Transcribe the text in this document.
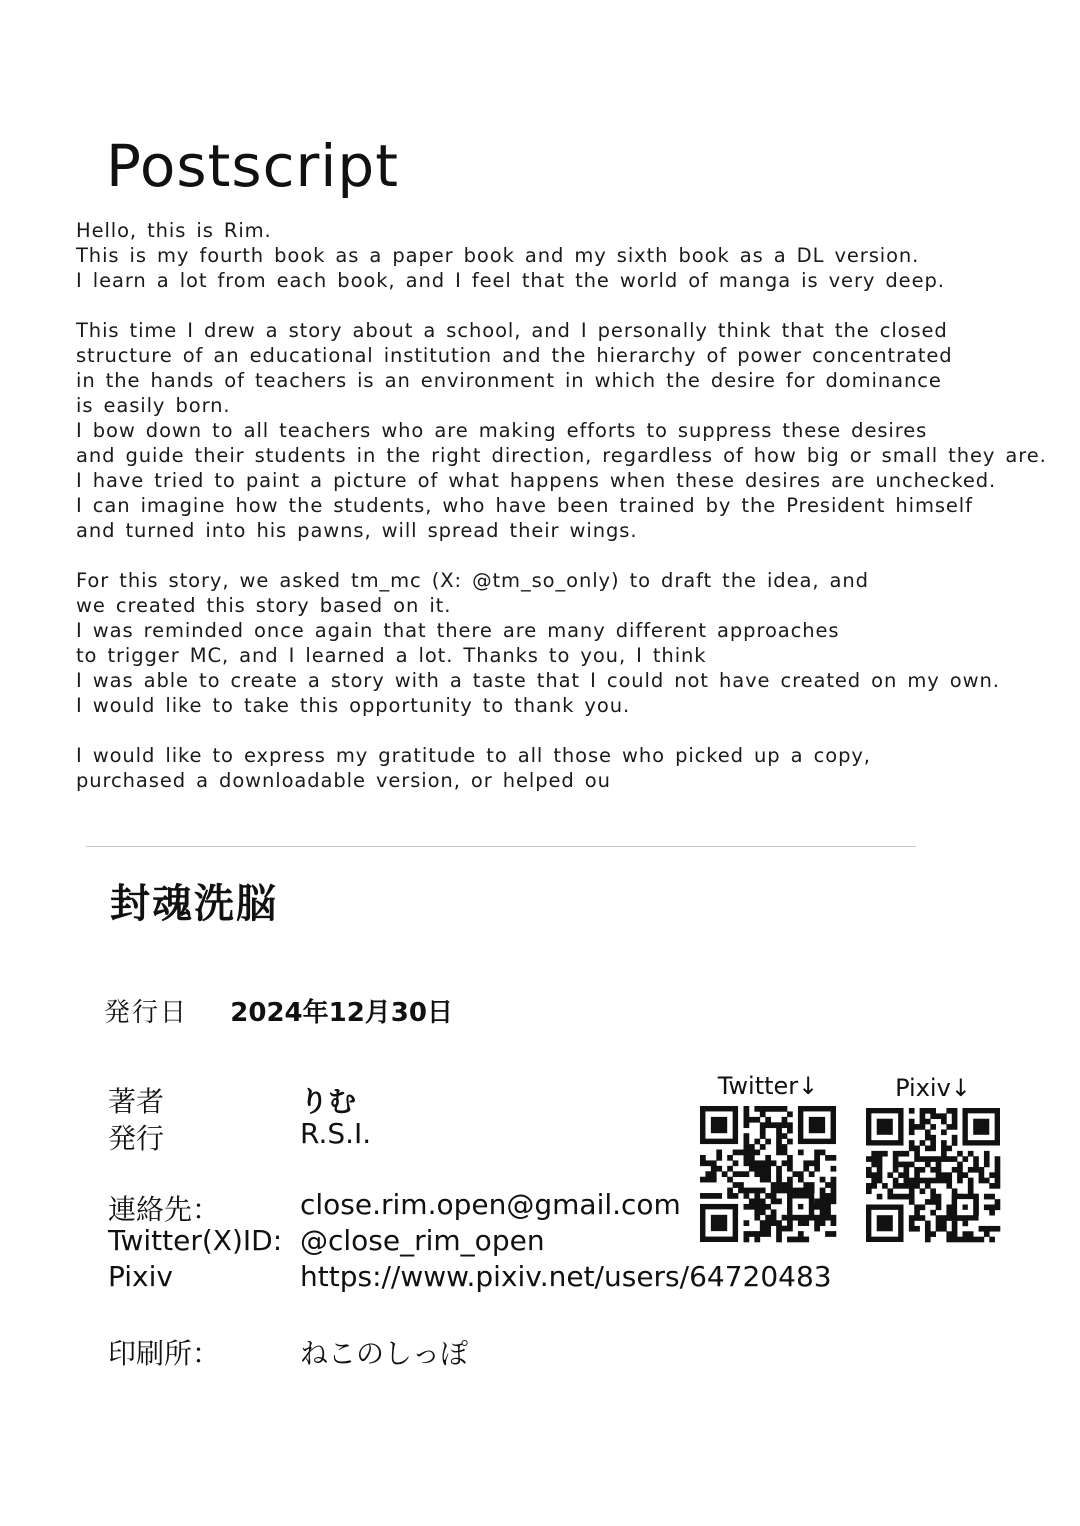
Postscript
Hello, this is Rim.
This is my fourth book as a paper book and my sixth book as a DL version.
I learn a lot from each book, and I feel that the world of manga is very deep.
This time I drew a story about a school, and I personally think that the closed
structure of an educational institution and the hierarchy of power concentrated
in the hands of teachers is an environment in which the desire for dominance
is easily born.
I bow down to all teachers who are making efforts to suppress these desires
and guide their students in the right direction, regardless of how big or small they are.
I have tried to paint a picture of what happens when these desires are unchecked.
I can imagine how the students, who have been trained by the President himself
and turned into his pawns, will spread their wings.
For this story, we asked tm_mc (X: @tm_so_only) to draft the idea, and
we created this story based on it.
I was reminded once again that there are many different approaches
to trigger MC, and I learned a lot. Thanks to you, I think
I was able to create a story with a taste that I could not have created on my own.
I would like to take this opportunity to thank you.
I would like to express my gratitude to all those who picked up a copy,
purchased a downloadable version, or helped ou
封魂洗脳
発行日 2024年12月30日
著者	りむ
発行	R.S.I.
連絡先：	close.rim.open@gmail.com
Twitter(X)ID: @close_rim_open
Pixiv	https://www.pixiv.net/users/64720483
印刷所：	ねこのしっぽ
Twitter↓	Pixiv↓
